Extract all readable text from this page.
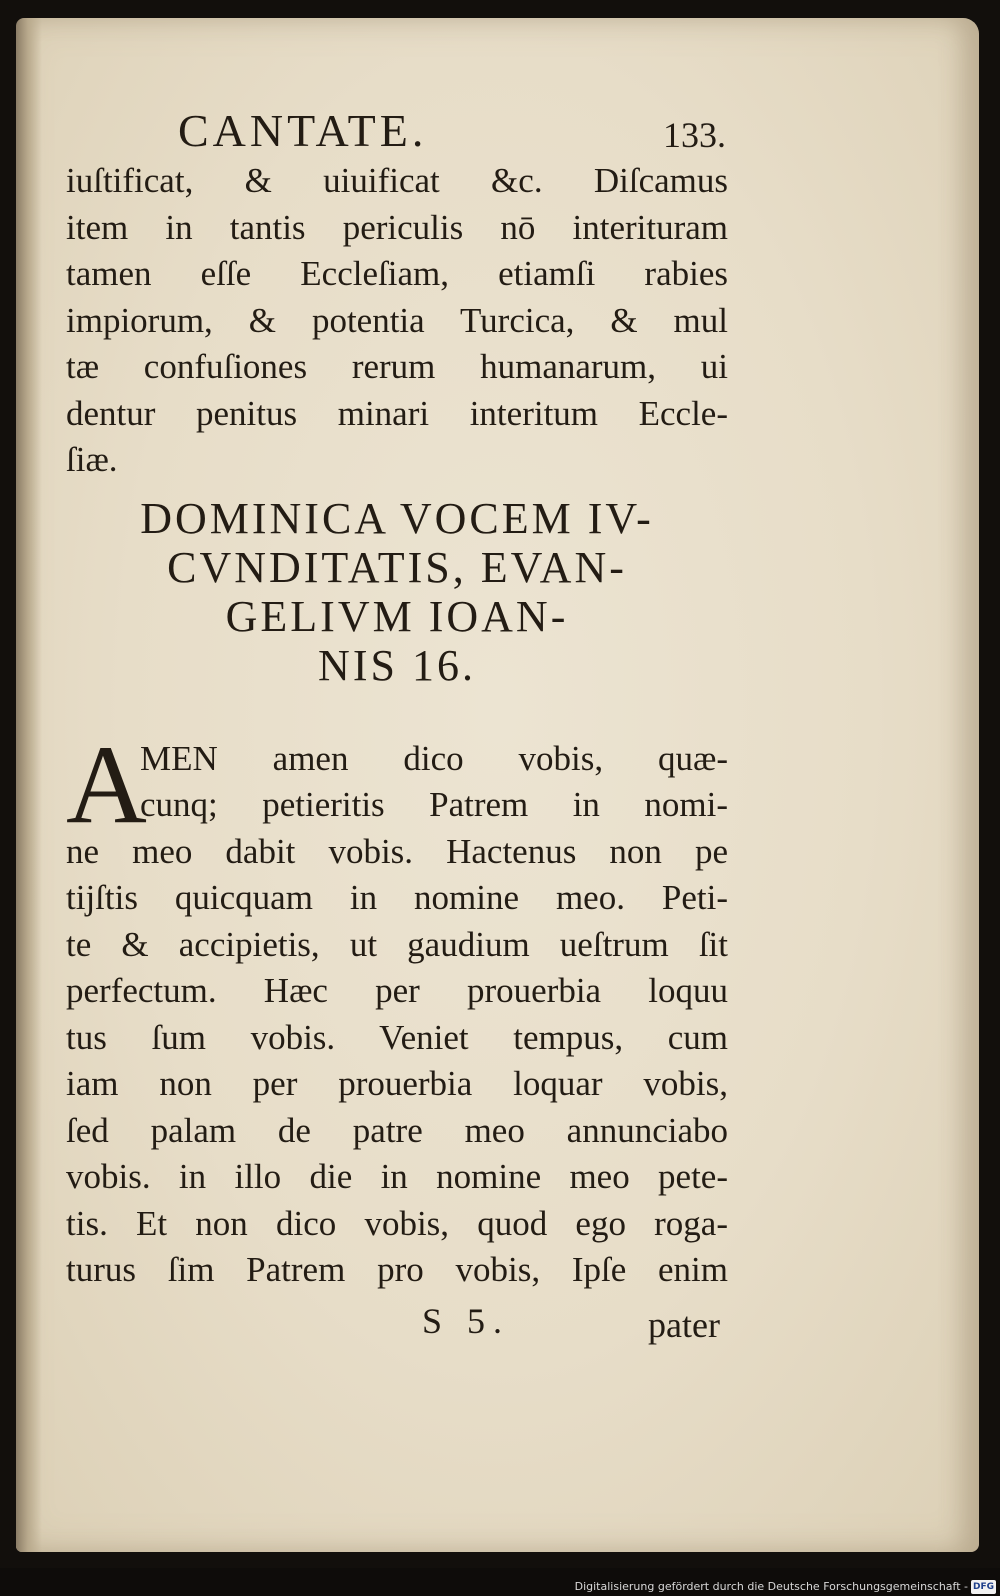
CANTATE.	133.
iuſtificat, & uiuificat &c. Diſcamus
item in tantis periculis nō interituram
tamen eſſe Eccleſiam, etiamſi rabies
impiorum, & potentia Turcica, & mul
tæ confuſiones rerum humanarum, ui
dentur penitus minari interitum Eccle-
ſiæ.
DOMINICA VOCEM IV-
CVNDITATIS, EVAN-
GELIVM IOAN-
NIS 16.
A
MEN amen dico vobis, quæ-
cunq; petieritis Patrem in nomi-
ne meo dabit vobis. Hactenus non pe
tijſtis quicquam in nomine meo. Peti-
te & accipietis, ut gaudium ueſtrum ſit
perfectum. Hæc per prouerbia loquu
tus ſum vobis. Veniet tempus, cum
iam non per prouerbia loquar vobis,
ſed palam de patre meo annunciabo
vobis. in illo die in nomine meo pete-
tis. Et non dico vobis, quod ego roga-
turus ſim Patrem pro vobis, Ipſe enim
S 5.	pater
Digitalisierung gefördert durch die Deutsche Forschungsgemeinschaft - DFG
